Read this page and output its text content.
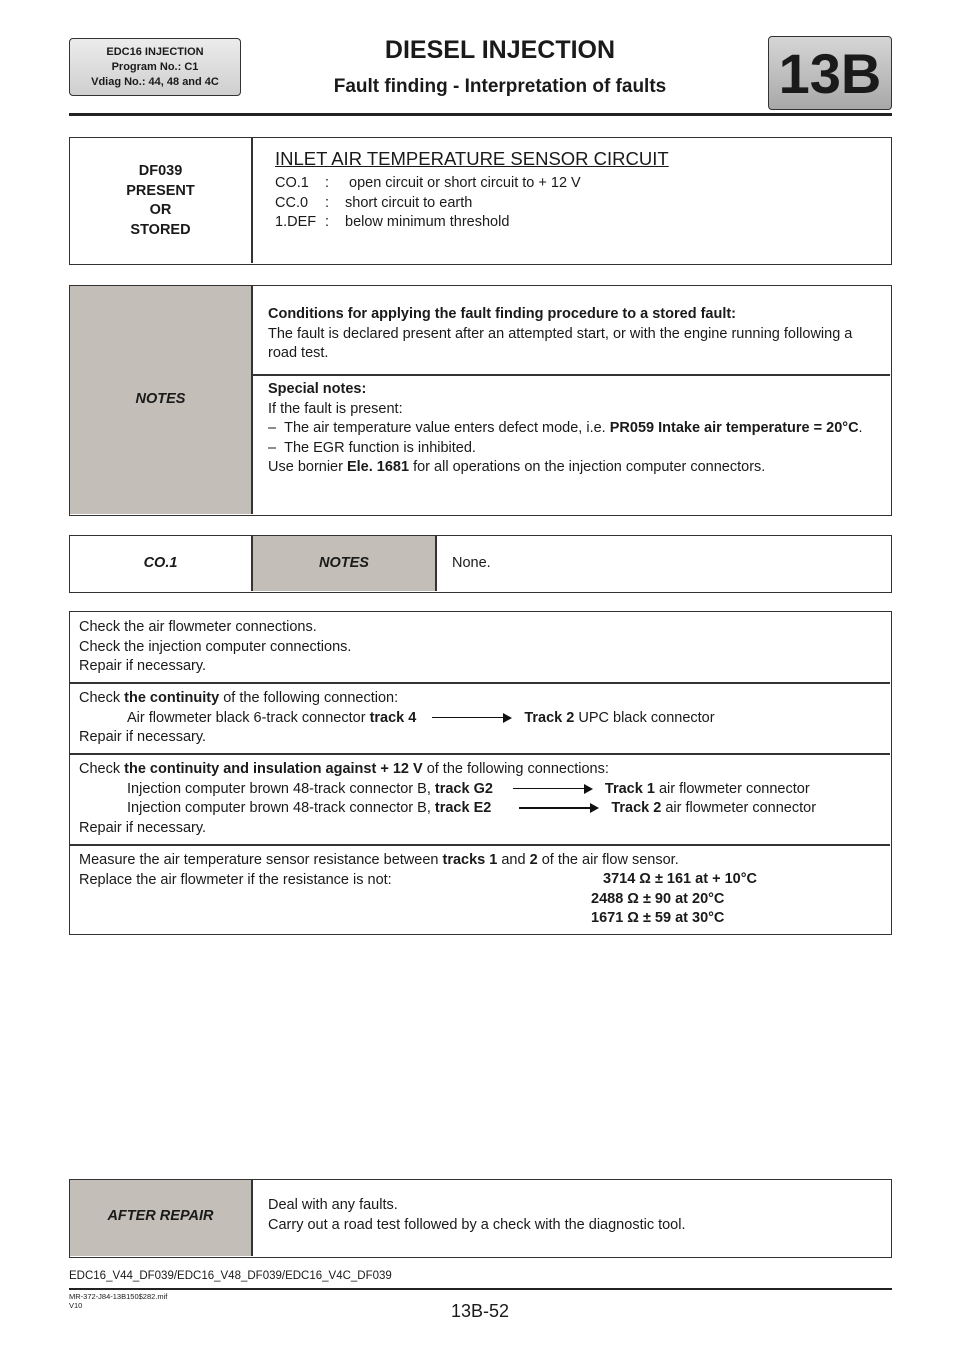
EDC16 INJECTION
Program No.: C1
Vdiag No.: 44, 48 and 4C
DIESEL INJECTION
Fault finding - Interpretation of faults	13B
DF039
PRESENT
OR
STORED
INLET AIR TEMPERATURE SENSOR CIRCUIT
CO.1 : open circuit or short circuit to + 12 V
CC.0 : short circuit to earth
1.DEF : below minimum threshold
NOTES
Conditions for applying the fault finding procedure to a stored fault:
The fault is declared present after an attempted start, or with the engine running following a road test.
Special notes:
If the fault is present:
–  The air temperature value enters defect mode, i.e. PR059 Intake air temperature = 20°C.
–  The EGR function is inhibited.
Use bornier Ele. 1681 for all operations on the injection computer connectors.
CO.1	NOTES	None.
Check the air flowmeter connections.
Check the injection computer connections.
Repair if necessary.
Check the continuity of the following connection:
Air flowmeter black 6-track connector track 4	Track 2 UPC black connector
Repair if necessary.
Check the continuity and insulation against + 12 V of the following connections:
Injection computer brown 48-track connector B, track G2	Track 1 air flowmeter connector
Injection computer brown 48-track connector B, track E2	Track 2 air flowmeter connector
Repair if necessary.
Measure the air temperature sensor resistance between tracks 1 and 2 of the air flow sensor.
Replace the air flowmeter if the resistance is not:	3714 Ω ± 161 at + 10°C
2488 Ω ± 90 at 20°C
1671 Ω ± 59 at 30°C
AFTER REPAIR
Deal with any faults.
Carry out a road test followed by a check with the diagnostic tool.
EDC16_V44_DF039/EDC16_V48_DF039/EDC16_V4C_DF039
MR-372-J84-13B150$282.mif
V10	13B-52
